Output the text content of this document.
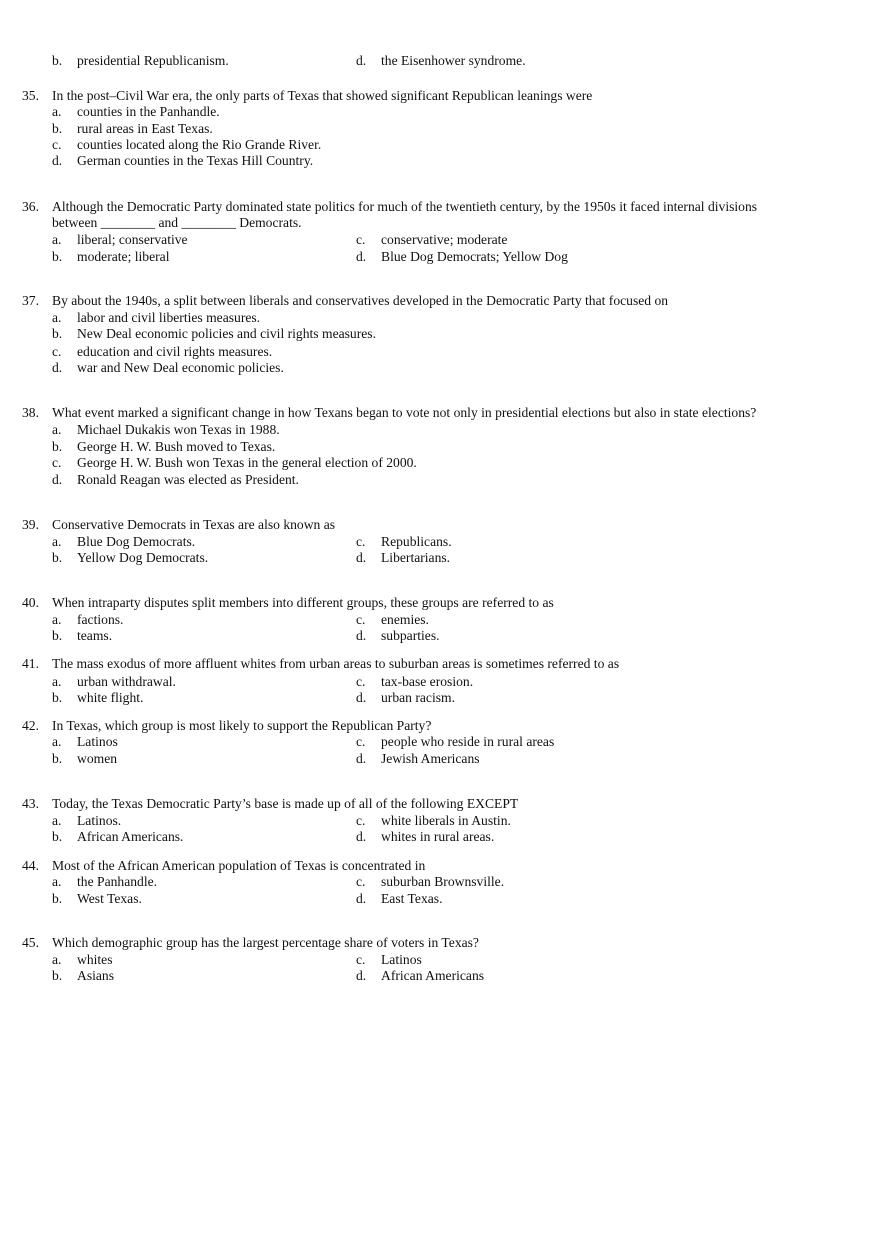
b. presidential Republicanism.	d. the Eisenhower syndrome.
35. In the post–Civil War era, the only parts of Texas that showed significant Republican leanings were
a. counties in the Panhandle.
b. rural areas in East Texas.
c. counties located along the Rio Grande River.
d. German counties in the Texas Hill Country.
36. Although the Democratic Party dominated state politics for much of the twentieth century, by the 1950s it faced internal divisions
between ________ and ________ Democrats.
a. liberal; conservative	c. conservative; moderate
b. moderate; liberal	d. Blue Dog Democrats; Yellow Dog
37. By about the 1940s, a split between liberals and conservatives developed in the Democratic Party that focused on
a. labor and civil liberties measures.
b. New Deal economic policies and civil rights measures.
c. education and civil rights measures.
d. war and New Deal economic policies.
38. What event marked a significant change in how Texans began to vote not only in presidential elections but also in state elections?
a. Michael Dukakis won Texas in 1988.
b. George H. W. Bush moved to Texas.
c. George H. W. Bush won Texas in the general election of 2000.
d. Ronald Reagan was elected as President.
39. Conservative Democrats in Texas are also known as
a. Blue Dog Democrats.	c. Republicans.
b. Yellow Dog Democrats.	d. Libertarians.
40. When intraparty disputes split members into different groups, these groups are referred to as
a. factions.	c. enemies.
b. teams.	d. subparties.
41. The mass exodus of more affluent whites from urban areas to suburban areas is sometimes referred to as
a. urban withdrawal.	c. tax-base erosion.
b. white flight.	d. urban racism.
42. In Texas, which group is most likely to support the Republican Party?
a. Latinos	c. people who reside in rural areas
b. women	d. Jewish Americans
43. Today, the Texas Democratic Party’s base is made up of all of the following EXCEPT
a. Latinos.	c. white liberals in Austin.
b. African Americans.	d. whites in rural areas.
44. Most of the African American population of Texas is concentrated in
a. the Panhandle.	c. suburban Brownsville.
b. West Texas.	d. East Texas.
45. Which demographic group has the largest percentage share of voters in Texas?
a. whites	c. Latinos
b. Asians	d. African Americans
